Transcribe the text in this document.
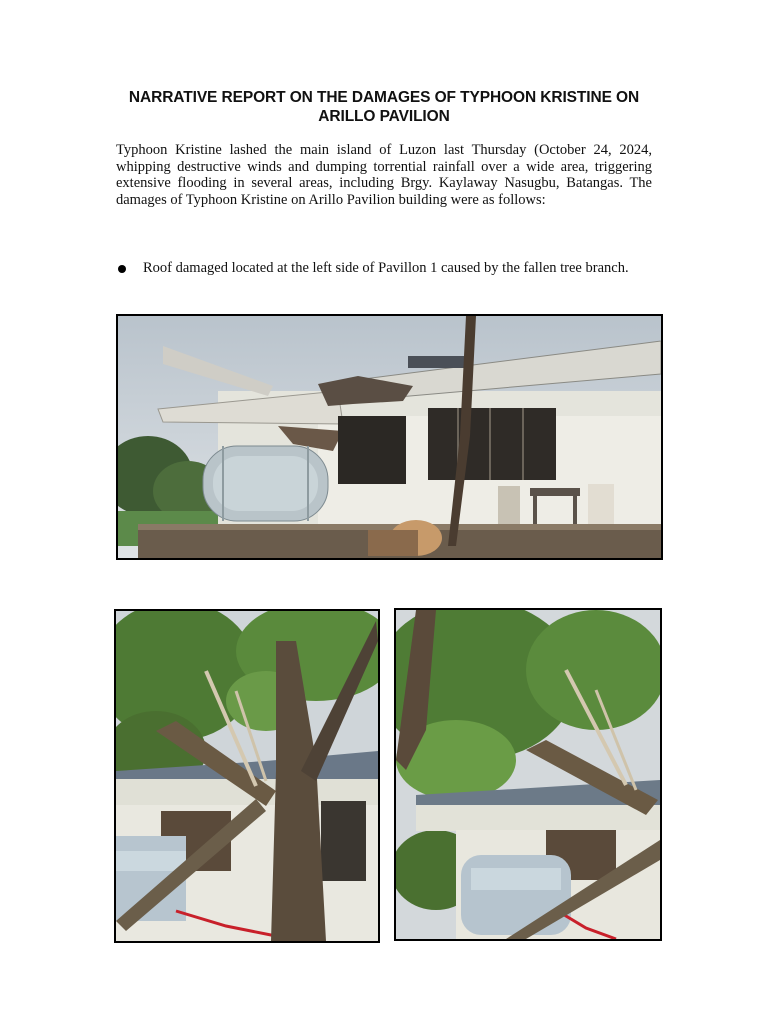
NARRATIVE REPORT ON THE DAMAGES OF TYPHOON KRISTINE ON
ARILLO PAVILION
Typhoon Kristine lashed the main island of Luzon last Thursday (October 24, 2024, whipping destructive winds and dumping torrential rainfall over a wide area, triggering extensive flooding in several areas, including Brgy. Kaylaway Nasugbu, Batangas. The damages of Typhoon Kristine on Arillo Pavilion building were as follows:
Roof damaged located at the left side of Pavillon 1 caused by the fallen tree branch.
